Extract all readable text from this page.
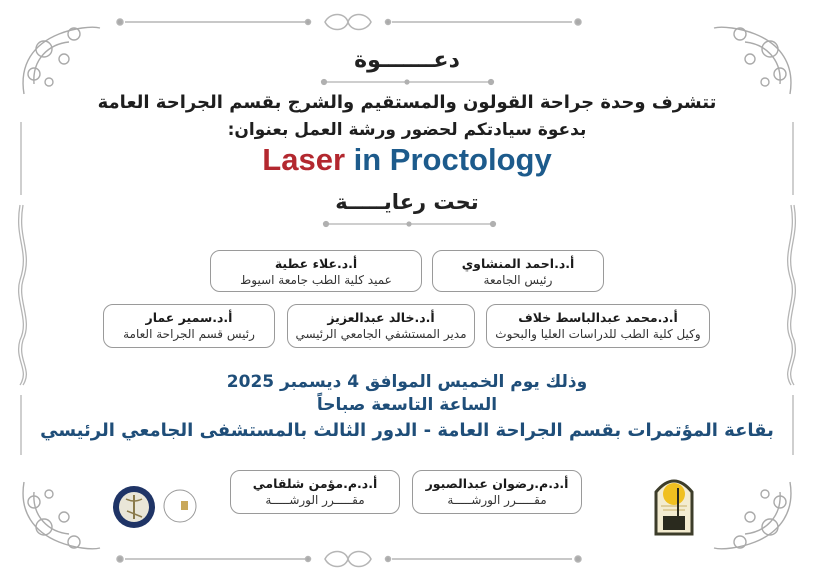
دعـــــــوة
تتشرف وحدة جراحة القولون والمستقيم والشرج بقسم الجراحة العامة
بدعوة سيادتكم لحضور ورشة العمل بعنوان:
Laser in Proctology
تحت رعايـــــة
أ.د.احمد المنشاوي
رئيس الجامعة
أ.د.علاء عطية
عميد كلية الطب جامعة اسيوط
أ.د.محمد عبدالباسط خلاف
وكيل كلية الطب للدراسات العليا والبحوث
أ.د.خالد عبدالعزيز
مدير المستشفي الجامعي الرئيسي
أ.د.سمير عمار
رئيس قسم الجراحة العامة
وذلك يوم الخميس الموافق 4 ديسمبر 2025
الساعة التاسعة صباحاً
بقاعة المؤتمرات بقسم الجراحة العامة - الدور الثالث بالمستشفى الجامعي الرئيسي
أ.د.م.رضوان عبدالصبور
مقـــــرر الورشـــــة
أ.د.م.مؤمن شلقامي
مقـــــرر الورشـــــة
